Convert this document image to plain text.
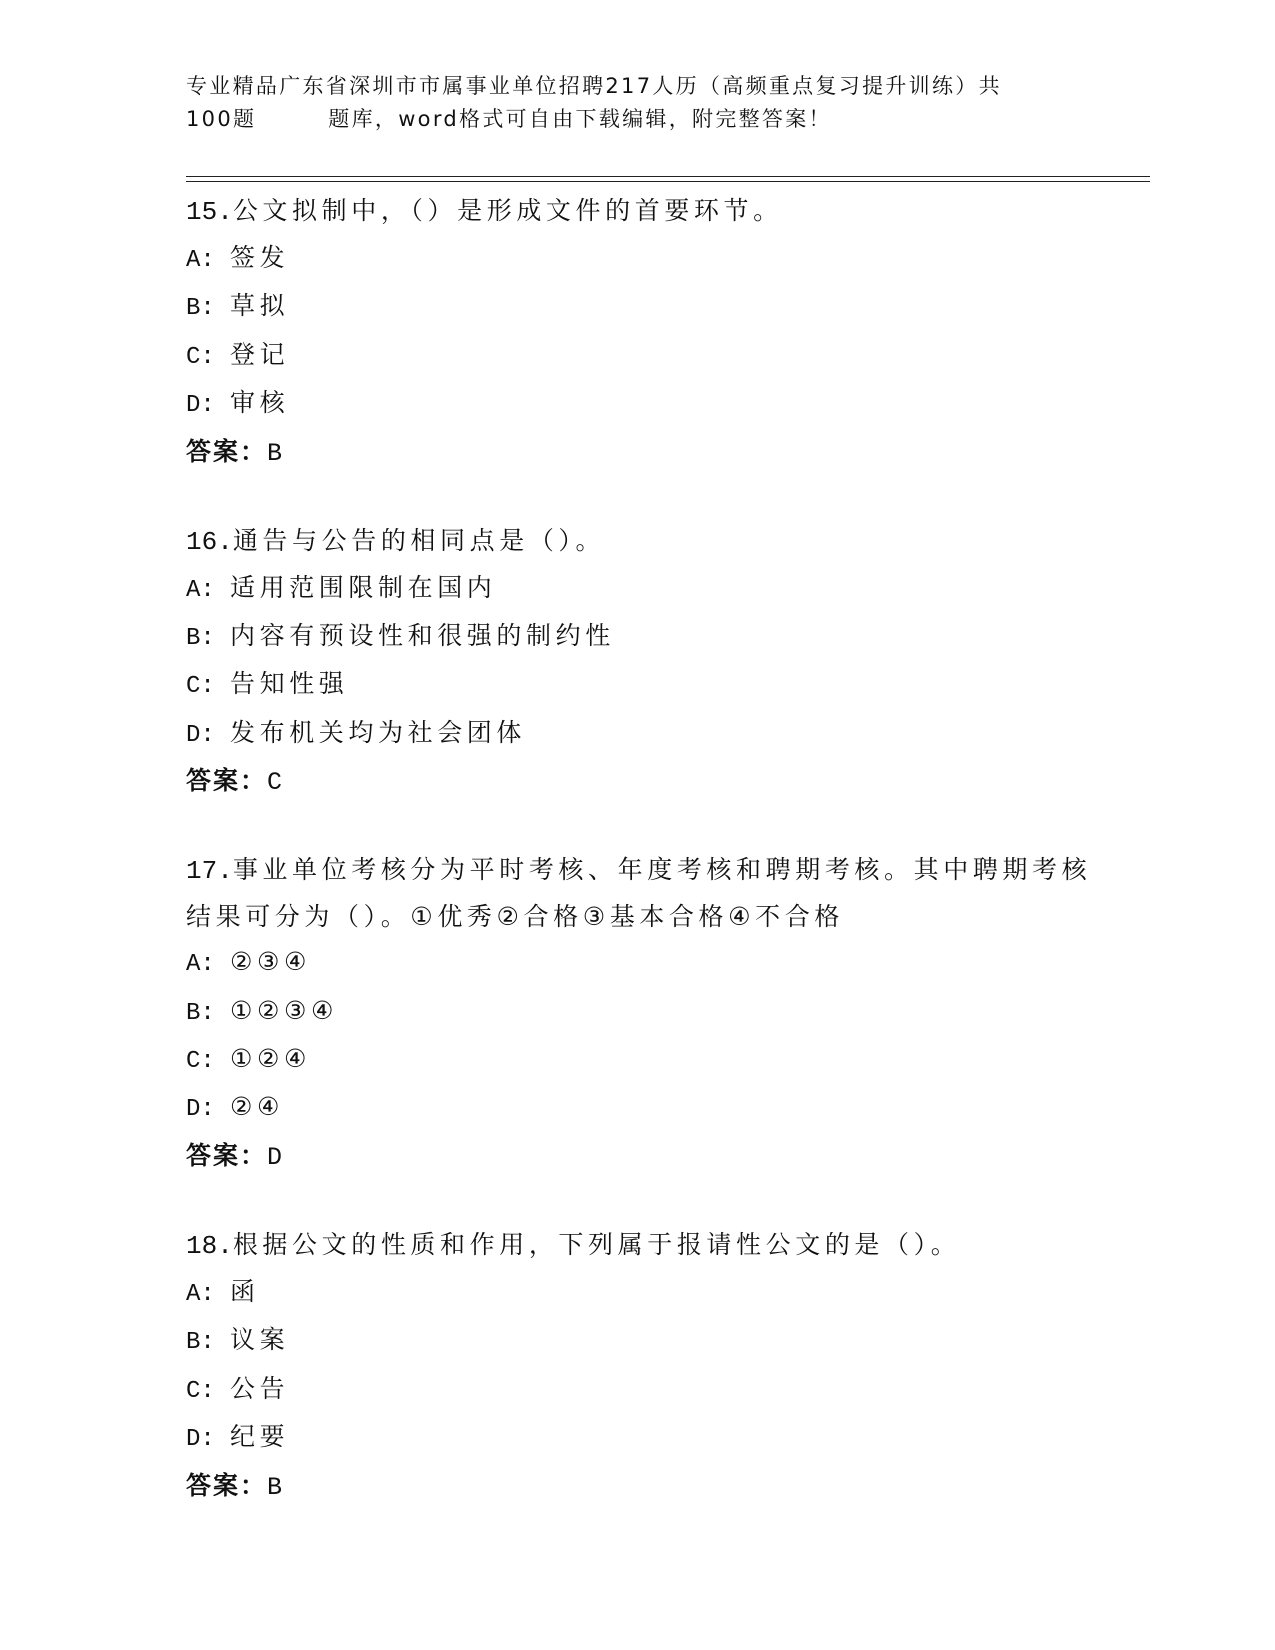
专业精品广东省深圳市市属事业单位招聘217人历（高频重点复习提升训练）共
100题	题库，word格式可自由下载编辑，附完整答案！

15.公文拟制中，（）是形成文件的首要环节。

A: 签发
B: 草拟
C: 登记
D: 审核
答案：B

16.通告与公告的相同点是（）。

A: 适用范围限制在国内
B: 内容有预设性和很强的制约性
C: 告知性强
D: 发布机关均为社会团体
答案：C

17.事业单位考核分为平时考核、年度考核和聘期考核。其中聘期考核

结果可分为（）。①优秀②合格③基本合格④不合格

A: ②③④
B: ①②③④
C: ①②④
D: ②④
答案：D

18.根据公文的性质和作用，下列属于报请性公文的是（）。

A: 函
B: 议案
C: 公告
D: 纪要
答案：B
